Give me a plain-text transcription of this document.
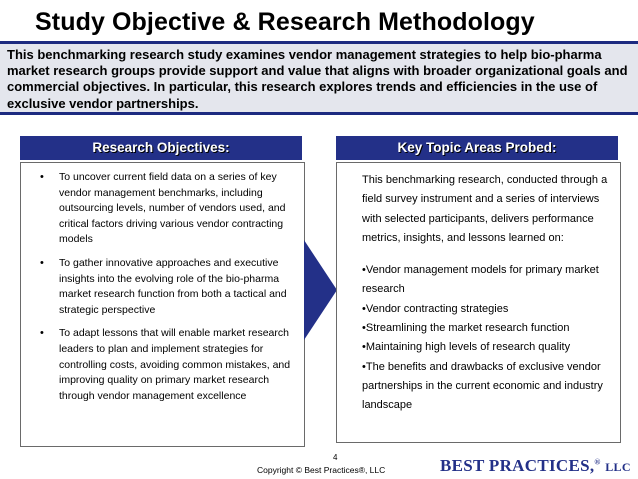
Study Objective & Research Methodology
This benchmarking research study examines vendor management strategies to help bio-pharma market research groups provide support and value that aligns with broader organizational goals and commercial objectives. In particular, this research explores trends and efficiencies in the use of exclusive vendor partnerships.
Research Objectives:
• To uncover current field data on a series of key vendor management benchmarks, including outsourcing levels, number of vendors used, and critical factors driving various vendor contracting models
• To gather innovative approaches and executive insights into the evolving role of the bio-pharma market research function from both a tactical and strategic perspective
• To adapt lessons that will enable market research leaders to plan and implement strategies for controlling costs, avoiding common mistakes, and improving quality on primary market research through vendor management excellence
Key Topic Areas Probed:
This benchmarking research, conducted through a field survey instrument and a series of interviews with selected participants, delivers performance metrics, insights, and lessons learned on:
•Vendor management models for primary market research
•Vendor contracting strategies
•Streamlining the market research function
•Maintaining high levels of research quality
•The benefits and drawbacks of exclusive vendor partnerships in the current economic and industry landscape
4
Copyright © Best Practices®, LLC	BEST PRACTICES,® LLC
